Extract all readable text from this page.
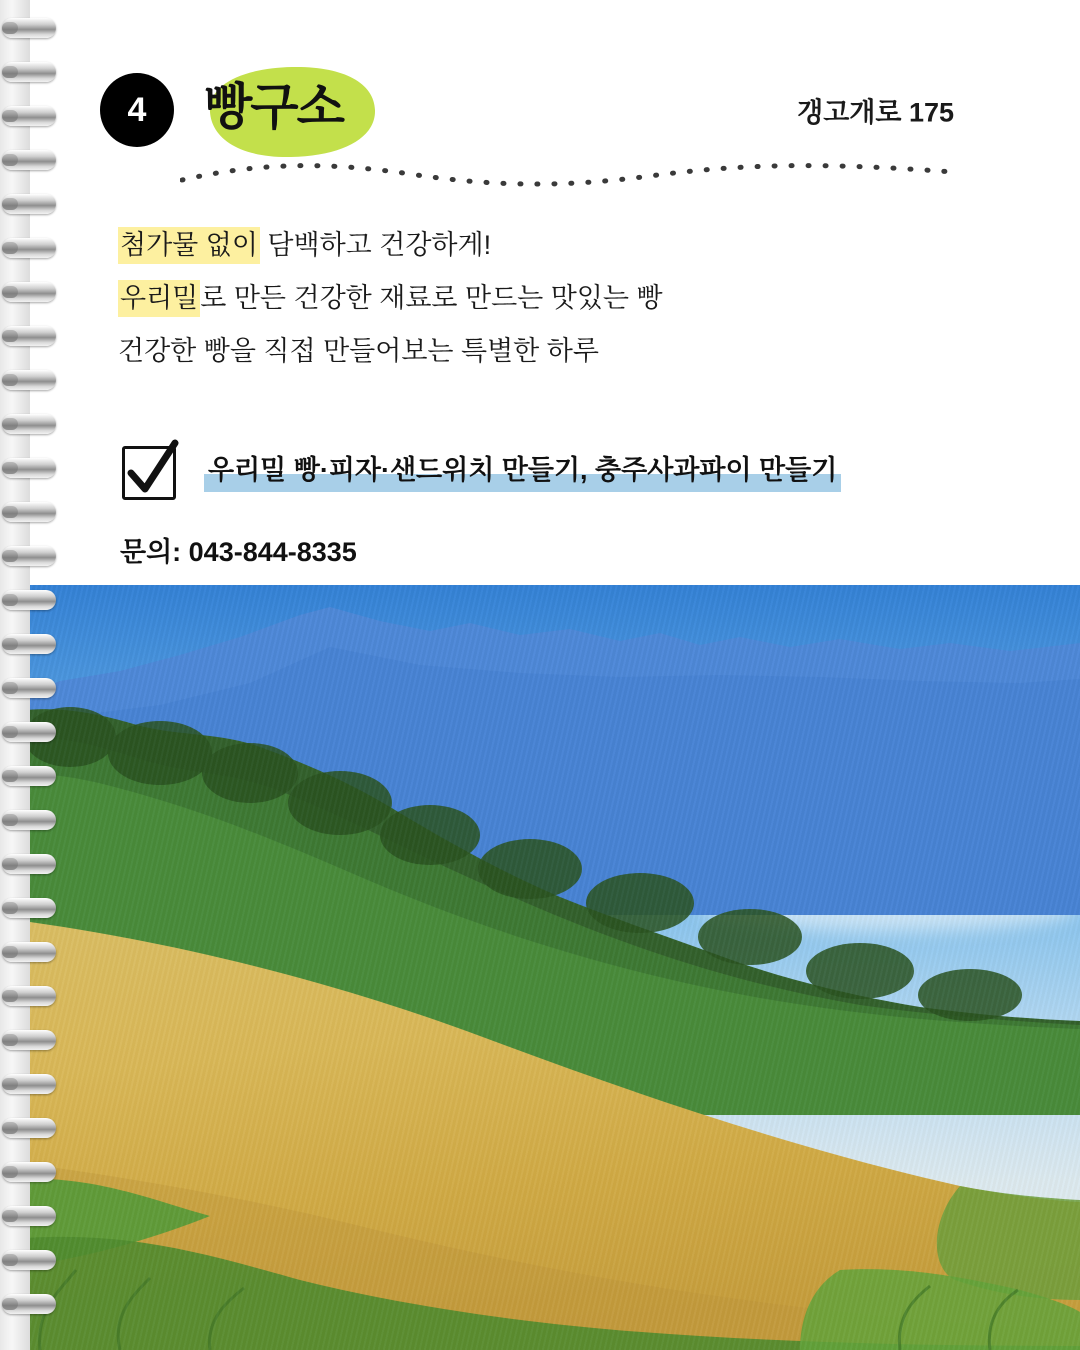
4	빵구소	갱고개로 175
첨가물 없이 담백하고 건강하게!
우리밀로 만든 건강한 재료로 만드는 맛있는 빵
건강한 빵을 직접 만들어보는 특별한 하루
우리밀 빵·피자·샌드위치 만들기, 충주사과파이 만들기
문의: 043-844-8335
